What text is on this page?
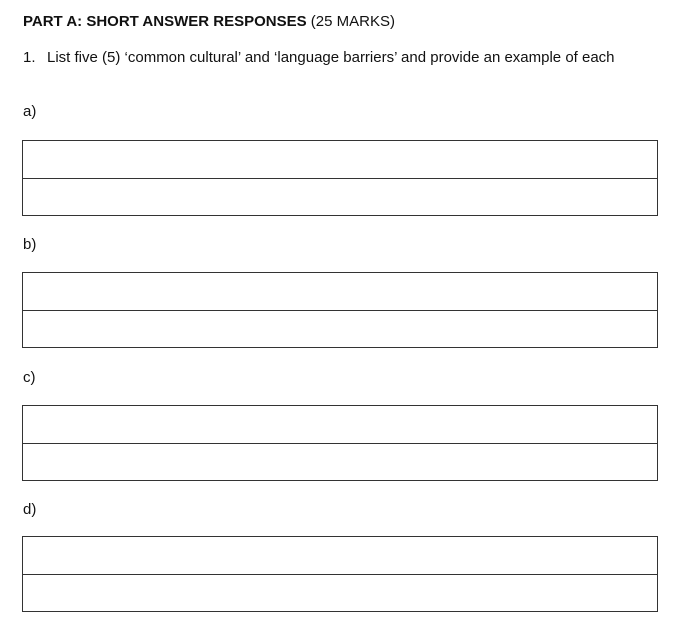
PART A: SHORT ANSWER RESPONSES (25 MARKS)
1. List five (5) ‘common cultural’ and ‘language barriers’ and provide an example of each
a)
b)
c)
d)
